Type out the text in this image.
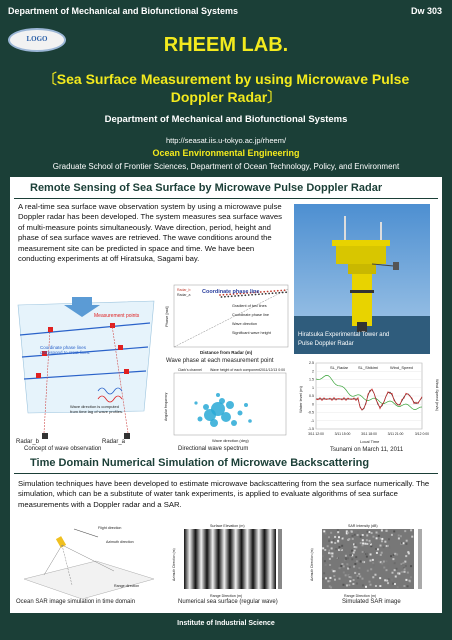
Department of Mechanical and Biofunctional Systems	Dw 303
LOGO	RHEEM LAB.
〔Sea Surface Measurement by using Microwave Pulse
Doppler Radar〕
Department of Mechanical and Biofunctional Systems
http://seasat.iis.u-tokyo.ac.jp/rheem/
Ocean Environmental Engineering
Graduate School of Frontier Sciences, Department of Ocean Technology, Policy, and Environment
Remote Sensing of Sea Surface by Microwave Pulse Doppler Radar
A real-time sea surface wave observation system by using a microwave pulse Doppler radar has been developed. The system measures sea surface waves of multi-measure points simultaneously. Wave direction, period, height and phase of sea surface waves are retrieved. The wave conditions around the measurement site can be predicted in space and time. We have been conducting experiments at off Hiratsuka, Sagami bay.
Hiratsuka Experimental Tower and
Pulse Doppler Radar
Measurement points
Coordinate phase lines correspond to crest lines.
Wave direction is computed from time lag of wave profiles.
Radar_b	Radar_a
Concept of wave observation
Coordinate phase line
Radar_b
Radar_a
Gradient of two lines
Coordinate phase line
Wave direction
Significant wave height
Phase [rad]
Distance from Radar (m)
Wave phase at each measurement point
Clark's channel Wave height of each component 2011/12/13 0:00
Angular frequency
Wave direction (deg)
Directional wave spectrum
SL_Radar SL_Shikimi	Wind_Speed
2.5
2
1.5
1
0.5
0
-0.5
-1
-1.5
3/11 12:00	3/11 15:00	3/11 18:00	3/11 21:00	3/12 0:00
Water level (m)	Wind Speed (m/s)
Local Time
Tsunami on March 11, 2011
Time Domain Numerical Simulation of Microwave Backscattering
Simulation techniques have been developed to estimate microwave backscattering from the sea surface numerically. The simulation, which can be a substitute of water tank experiments, is applied to evaluate algorithms of sea surface measurements with a Doppler radar and a SAR.
Flight direction
Azimuth direction
Range direction
Ocean SAR image simulation in time domain
Surface Elevation (m)
Range Direction (m)
Azimuth Direction (m)
Numerical sea surface (regular wave)
SAR Intensity (dB)
Range Direction (m)
Azimuth Direction (m)
Simulated SAR image
Institute of Industrial Science
